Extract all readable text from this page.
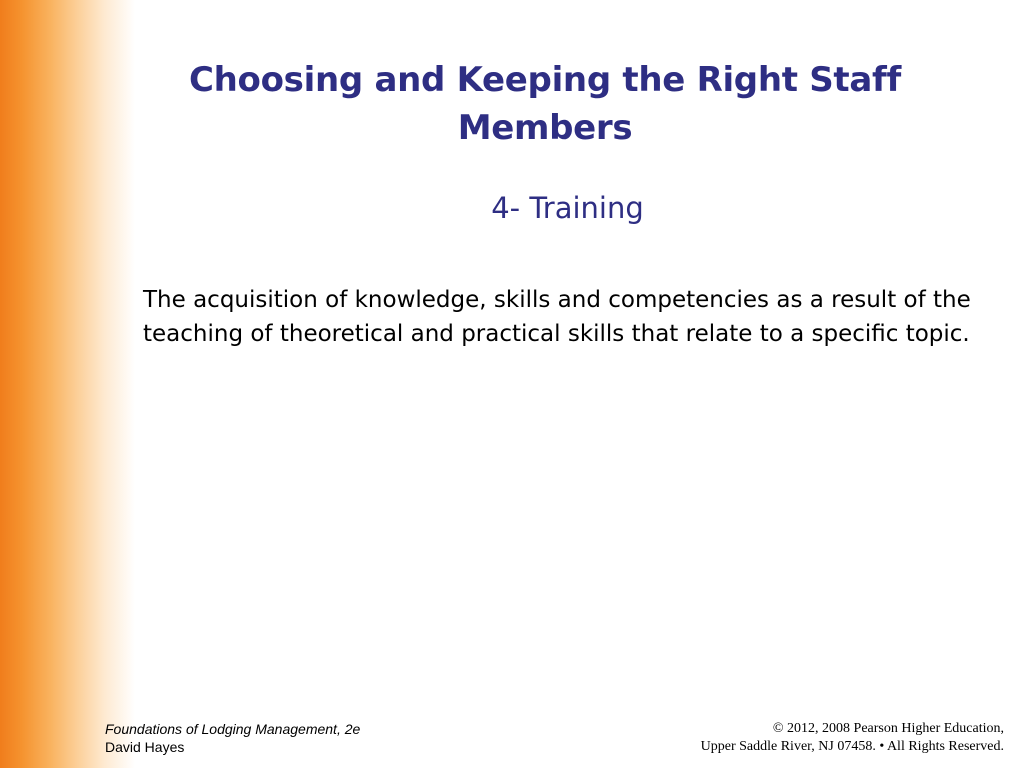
Choosing and Keeping the Right Staff Members
4- Training

The acquisition of knowledge, skills and competencies as a result of the teaching of theoretical and practical skills that relate to a specific topic.

Foundations of Lodging Management, 2e
David Hayes
© 2012, 2008 Pearson Higher Education,
Upper Saddle River, NJ 07458. • All Rights Reserved.
